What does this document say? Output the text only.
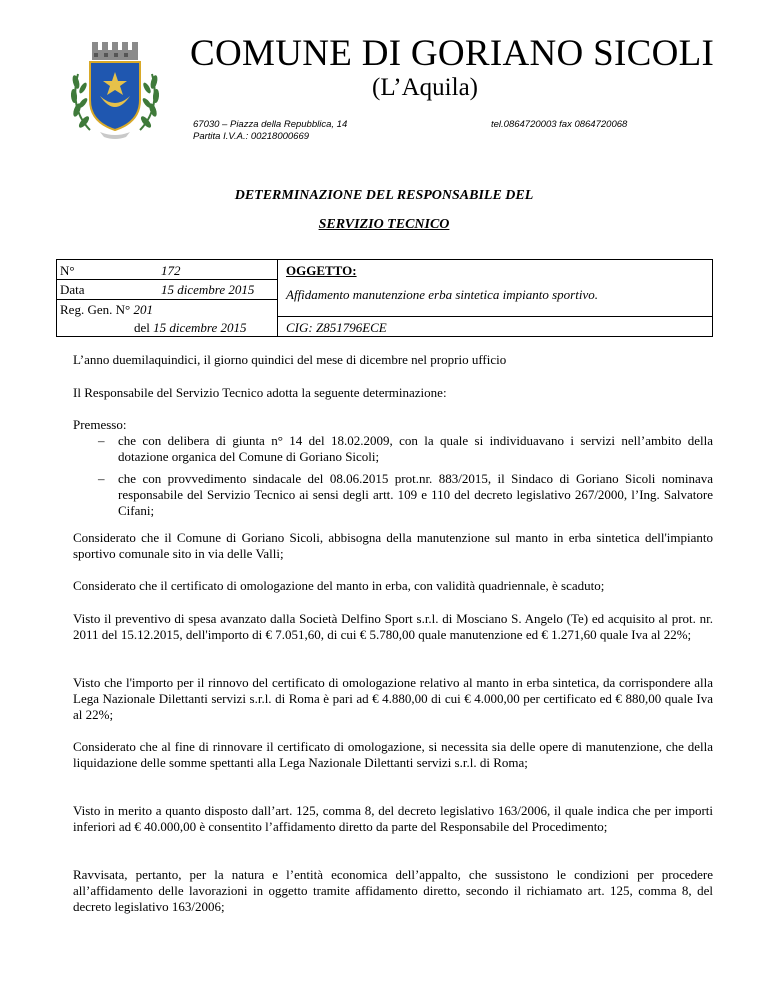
COMUNE DI GORIANO SICOLI
(L’Aquila)
67030 – Piazza della Repubblica, 14
Partita I.V.A.: 00218000669
tel.0864720003 fax 0864720068
DETERMINAZIONE DEL RESPONSABILE DEL
SERVIZIO TECNICO
N°	172
Data	15 dicembre 2015
Reg. Gen. N° 201
del 15 dicembre 2015
OGGETTO:
Affidamento manutenzione erba sintetica impianto sportivo.
CIG: Z851796ECE
L’anno duemilaquindici, il giorno quindici del mese di dicembre nel proprio ufficio
Il Responsabile del Servizio Tecnico adotta la seguente determinazione:
Premesso:
– che con delibera di giunta n° 14 del 18.02.2009, con la quale si individuavano i servizi nell’ambito della dotazione organica del Comune di Goriano Sicoli;
– che con provvedimento sindacale del 08.06.2015 prot.nr. 883/2015, il Sindaco di Goriano Sicoli nominava responsabile del Servizio Tecnico ai sensi degli artt. 109 e 110 del decreto legislativo 267/2000, l’Ing. Salvatore Cifani;
Considerato che il Comune di Goriano Sicoli, abbisogna della manutenzione sul manto in erba sintetica dell'impianto sportivo comunale sito in via delle Valli;
Considerato che il certificato di omologazione del manto in erba, con validità quadriennale, è scaduto;
Visto il preventivo di spesa avanzato dalla Società Delfino Sport s.r.l. di Mosciano S. Angelo (Te) ed acquisito al prot. nr. 2011 del 15.12.2015, dell'importo di € 7.051,60, di cui € 5.780,00 quale manutenzione ed € 1.271,60 quale Iva al 22%;
Visto che l'importo per il rinnovo del certificato di omologazione relativo al manto in erba sintetica, da corrispondere alla Lega Nazionale Dilettanti servizi s.r.l. di Roma è pari ad € 4.880,00 di cui € 4.000,00 per certificato ed € 880,00 quale Iva al 22%;
Considerato che al fine di rinnovare il certificato di omologazione, si necessita sia delle opere di manutenzione, che della liquidazione delle somme spettanti alla Lega Nazionale Dilettanti servizi s.r.l. di Roma;
Visto in merito a quanto disposto dall’art. 125, comma 8, del decreto legislativo 163/2006, il quale indica che per importi inferiori ad € 40.000,00 è consentito l’affidamento diretto da parte del Responsabile del Procedimento;
Ravvisata, pertanto, per la natura e l’entità economica dell’appalto, che sussistono le condizioni per procedere all’affidamento delle lavorazioni in oggetto tramite affidamento diretto, secondo il richiamato art. 125, comma 8, del decreto legislativo 163/2006;
